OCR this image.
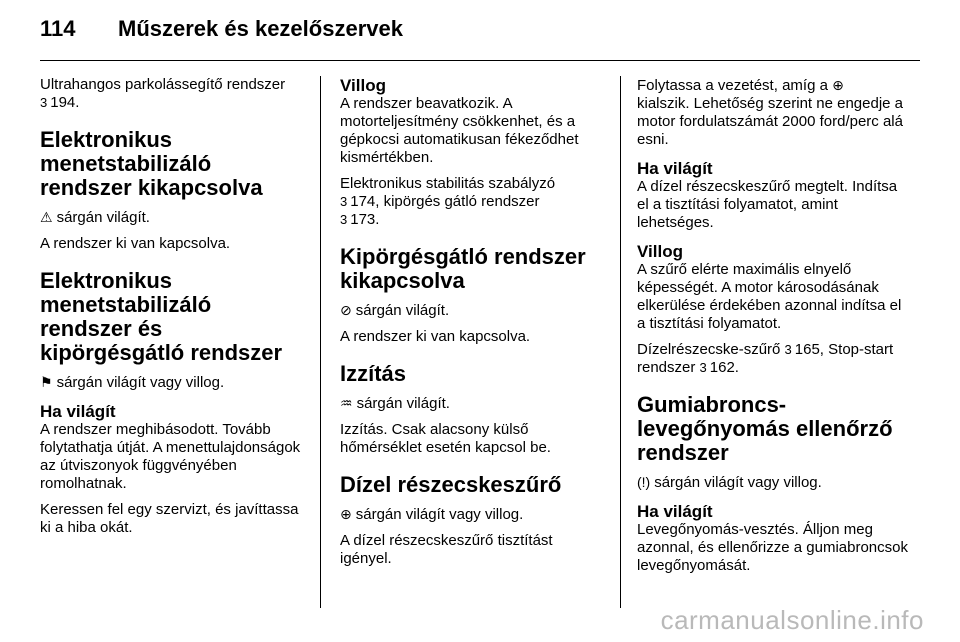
114 Műszerek és kezelőszervek

Ultrahangos parkolássegítő rendszer
3 194.

Elektronikus menetstabilizáló rendszer kikapcsolva

⚠ sárgán világít.

A rendszer ki van kapcsolva.

Elektronikus menetstabilizáló rendszer és kipörgésgátló rendszer

⚑ sárgán világít vagy villog.

Ha világít

A rendszer meghibásodott. Tovább folytathatja útját. A menettulajdonságok az útviszonyok függvényében romolhatnak.

Keressen fel egy szervizt, és javíttassa ki a hiba okát.

Villog

A rendszer beavatkozik. A motorteljesítmény csökkenhet, és a gépkocsi automatikusan fékeződhet kismértékben.

Elektronikus stabilitás szabályzó
3 174, kipörgés gátló rendszer
3 173.

Kipörgésgátló rendszer kikapcsolva

⊘ sárgán világít.

A rendszer ki van kapcsolva.

Izzítás

♒ sárgán világít.

Izzítás. Csak alacsony külső hőmérséklet esetén kapcsol be.

Dízel részecskeszűrő

⊕ sárgán világít vagy villog.

A dízel részecskeszűrő tisztítást igényel.

Folytassa a vezetést, amíg a ⊕
kialszik. Lehetőség szerint ne engedje a motor fordulatszámát 2000 ford/perc alá esni.

Ha világít

A dízel részecskeszűrő megtelt. Indítsa el a tisztítási folyamatot, amint lehetséges.

Villog

A szűrő elérte maximális elnyelő képességét. A motor károsodásának elkerülése érdekében azonnal indítsa el a tisztítási folyamatot.

Dízelrészecske-szűrő 3 165, Stop-start rendszer 3 162.

Gumiabroncs-levegőnyomás ellenőrző rendszer

(!) sárgán világít vagy villog.

Ha világít

Levegőnyomás-vesztés. Álljon meg azonnal, és ellenőrizze a gumiabroncsok levegőnyomását.

carmanualsonline.info
